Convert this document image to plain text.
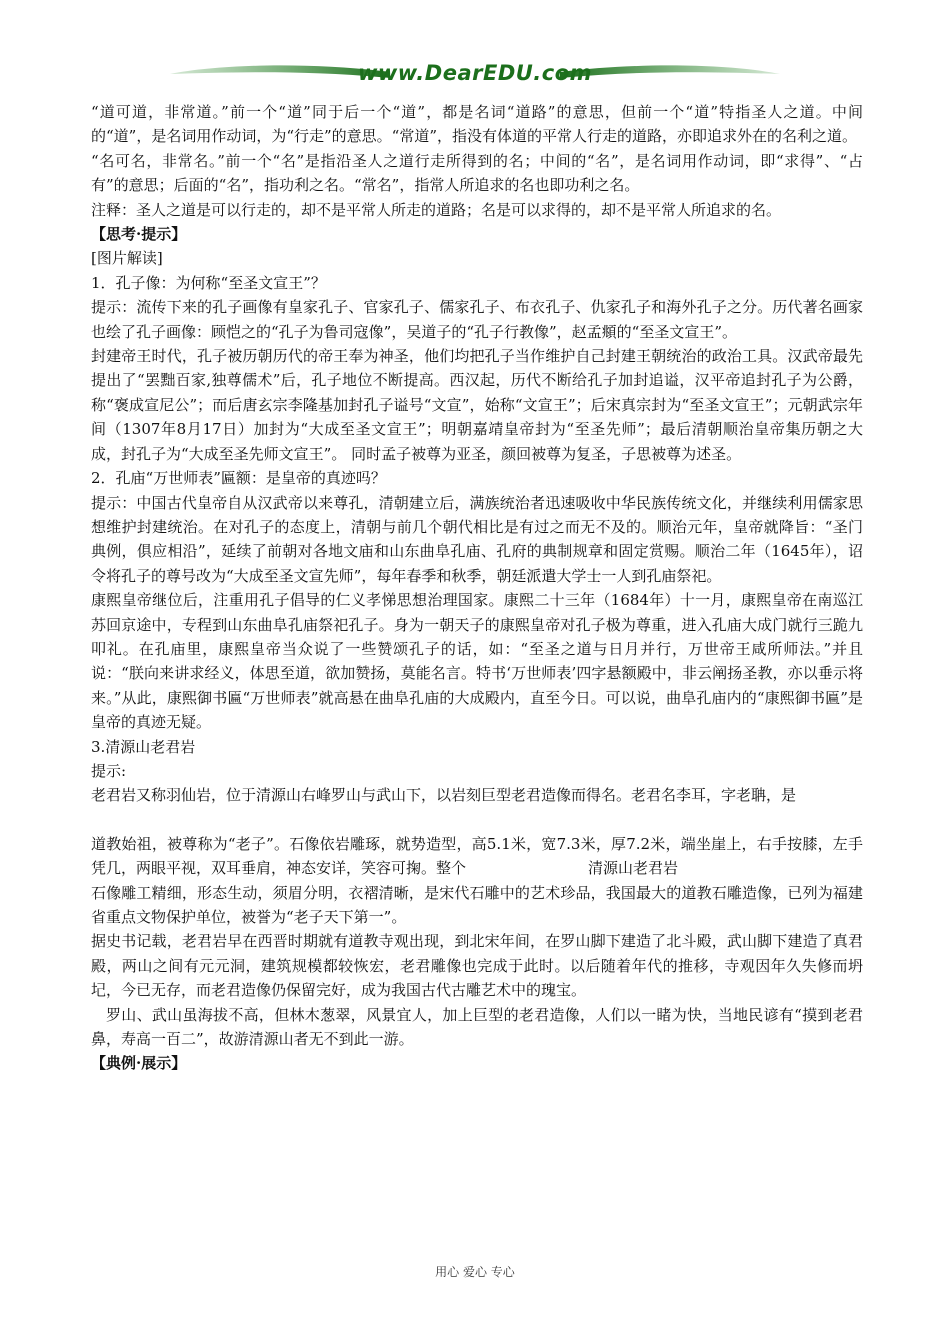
www.DearEDU.com

“道可道，非常道。”前一个“道”同于后一个“道”，都是名词“道路”的意思，但前一个“道”特指圣人之道。中间的“道”，是名词用作动词，为“行走”的意思。“常道”，指没有体道的平常人行走的道路，亦即追求外在的名利之道。

“名可名，非常名。”前一个“名”是指沿圣人之道行走所得到的名；中间的“名”，是名词用作动词，即“求得”、“占有”的意思；后面的“名”，指功利之名。“常名”，指常人所追求的名也即功利之名。

注释：圣人之道是可以行走的，却不是平常人所走的道路；名是可以求得的，却不是平常人所追求的名。

【思考·提示】

[图片解读]

1．孔子像：为何称“至圣文宣王”？

提示：流传下来的孔子画像有皇家孔子、官家孔子、儒家孔子、布衣孔子、仇家孔子和海外孔子之分。历代著名画家也绘了孔子画像：顾恺之的“孔子为鲁司寇像”，吴道子的“孔子行教像”，赵孟頫的“至圣文宣王”。

封建帝王时代，孔子被历朝历代的帝王奉为神圣，他们均把孔子当作维护自己封建王朝统治的政治工具。汉武帝最先提出了“罢黜百家,独尊儒术”后，孔子地位不断提高。西汉起，历代不断给孔子加封追谥，汉平帝追封孔子为公爵，称“褒成宣尼公”；而后唐玄宗李隆基加封孔子谥号“文宣”，始称“文宣王”；后宋真宗封为“至圣文宣王”；元朝武宗年间（1307年8月17日）加封为“大成至圣文宣王”；明朝嘉靖皇帝封为“至圣先师”；最后清朝顺治皇帝集历朝之大成，封孔子为“大成至圣先师文宣王”。 同时孟子被尊为亚圣，颜回被尊为复圣，子思被尊为述圣。

2．孔庙“万世师表”匾额：是皇帝的真迹吗？

提示：中国古代皇帝自从汉武帝以来尊孔，清朝建立后，满族统治者迅速吸收中华民族传统文化，并继续利用儒家思想维护封建统治。在对孔子的态度上，清朝与前几个朝代相比是有过之而无不及的。顺治元年，皇帝就降旨：“圣门典例，俱应相沿”，延续了前朝对各地文庙和山东曲阜孔庙、孔府的典制规章和固定赏赐。顺治二年（1645年），诏令将孔子的尊号改为“大成至圣文宣先师”，每年春季和秋季，朝廷派遣大学士一人到孔庙祭祀。

康熙皇帝继位后，注重用孔子倡导的仁义孝悌思想治理国家。康熙二十三年（1684年）十一月，康熙皇帝在南巡江苏回京途中，专程到山东曲阜孔庙祭祀孔子。身为一朝天子的康熙皇帝对孔子极为尊重，进入孔庙大成门就行三跪九叩礼。在孔庙里，康熙皇帝当众说了一些赞颂孔子的话，如：“至圣之道与日月并行，万世帝王咸所师法。”并且说：“朕向来讲求经义，体思至道，欲加赞扬，莫能名言。特书‘万世师表’四字悬额殿中，非云阐扬圣教，亦以垂示将来。”从此，康熙御书匾“万世师表”就高悬在曲阜孔庙的大成殿内，直至今日。可以说，曲阜孔庙内的“康熙御书匾”是皇帝的真迹无疑。

3.清源山老君岩

提示:

老君岩又称羽仙岩，位于清源山右峰罗山与武山下，以岩刻巨型老君造像而得名。老君名李耳，字老聃，是

道教始祖，被尊称为“老子”。石像依岩雕琢，就势造型，高5.1米，宽7.3米，厚7.2米，端坐崖上，右手按膝，左手凭几，两眼平视，双耳垂肩，神态安详，笑容可掬。整个	清源山老君岩

石像雕工精细，形态生动，须眉分明，衣褶清晰，是宋代石雕中的艺术珍品，我国最大的道教石雕造像，已列为福建省重点文物保护单位，被誉为“老子天下第一”。

据史书记载，老君岩早在西晋时期就有道教寺观出现，到北宋年间，在罗山脚下建造了北斗殿，武山脚下建造了真君殿，两山之间有元元洞，建筑规模都较恢宏，老君雕像也完成于此时。以后随着年代的推移，寺观因年久失修而坍圮，今已无存，而老君造像仍保留完好，成为我国古代古雕艺术中的瑰宝。

罗山、武山虽海拔不高，但林木葱翠，风景宜人，加上巨型的老君造像，人们以一睹为快，当地民谚有“摸到老君鼻，寿高一百二”，故游清源山者无不到此一游。

【典例·展示】

用心 爱心 专心
